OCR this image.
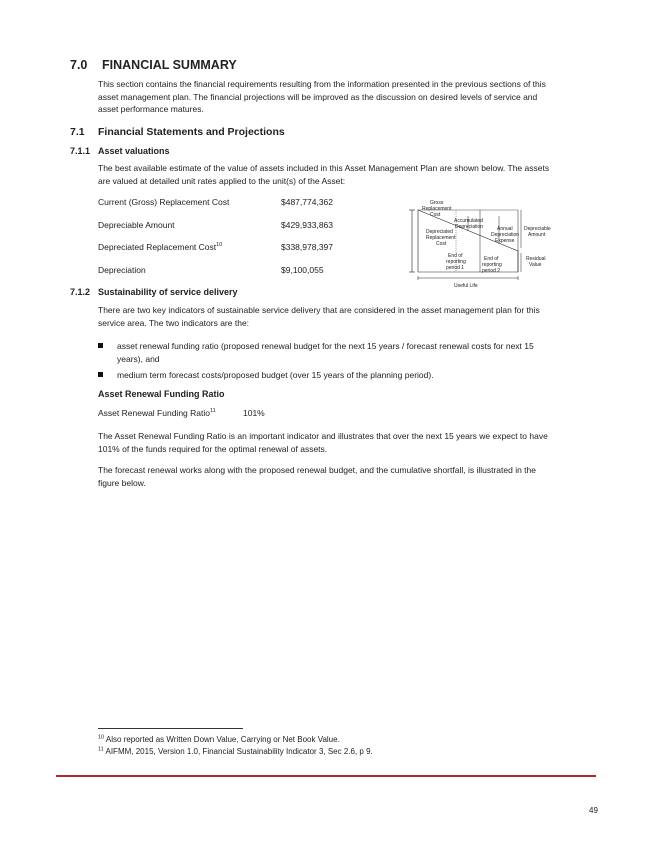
7.0 FINANCIAL SUMMARY
This section contains the financial requirements resulting from the information presented in the previous sections of this asset management plan. The financial projections will be improved as the discussion on desired levels of service and asset performance matures.
7.1 Financial Statements and Projections
7.1.1 Asset valuations
The best available estimate of the value of assets included in this Asset Management Plan are shown below. The assets are valued at detailed unit rates applied to the unit(s) of the Asset:
Current (Gross) Replacement Cost	$487,774,362
Depreciable Amount	$429,933,863
Depreciated Replacement Cost$^{10}$	$338,978,397
Depreciation	$9,100,055
Gross Replacement Cost
Accumulated Depreciation
Depreciated Replacement Cost
Annual Depreciation Expense
Depreciable Amount
End of reporting period 1
End of reporting period 2
Residual Value
Useful Life
7.1.2 Sustainability of service delivery
There are two key indicators of sustainable service delivery that are considered in the asset management plan for this service area. The two indicators are the:
asset renewal funding ratio (proposed renewal budget for the next 15 years / forecast renewal costs for next 15 years), and
medium term forecast costs/proposed budget (over 15 years of the planning period).
Asset Renewal Funding Ratio
Asset Renewal Funding Ratio$^{11}$	101%
The Asset Renewal Funding Ratio is an important indicator and illustrates that over the next 15 years we expect to have 101% of the funds required for the optimal renewal of assets.
The forecast renewal works along with the proposed renewal budget, and the cumulative shortfall, is illustrated in the figure below.
$^{10}$ Also reported as Written Down Value, Carrying or Net Book Value.
$^{11}$ AIFMM, 2015, Version 1.0, Financial Sustainability Indicator 3, Sec 2.6, p 9.
49
